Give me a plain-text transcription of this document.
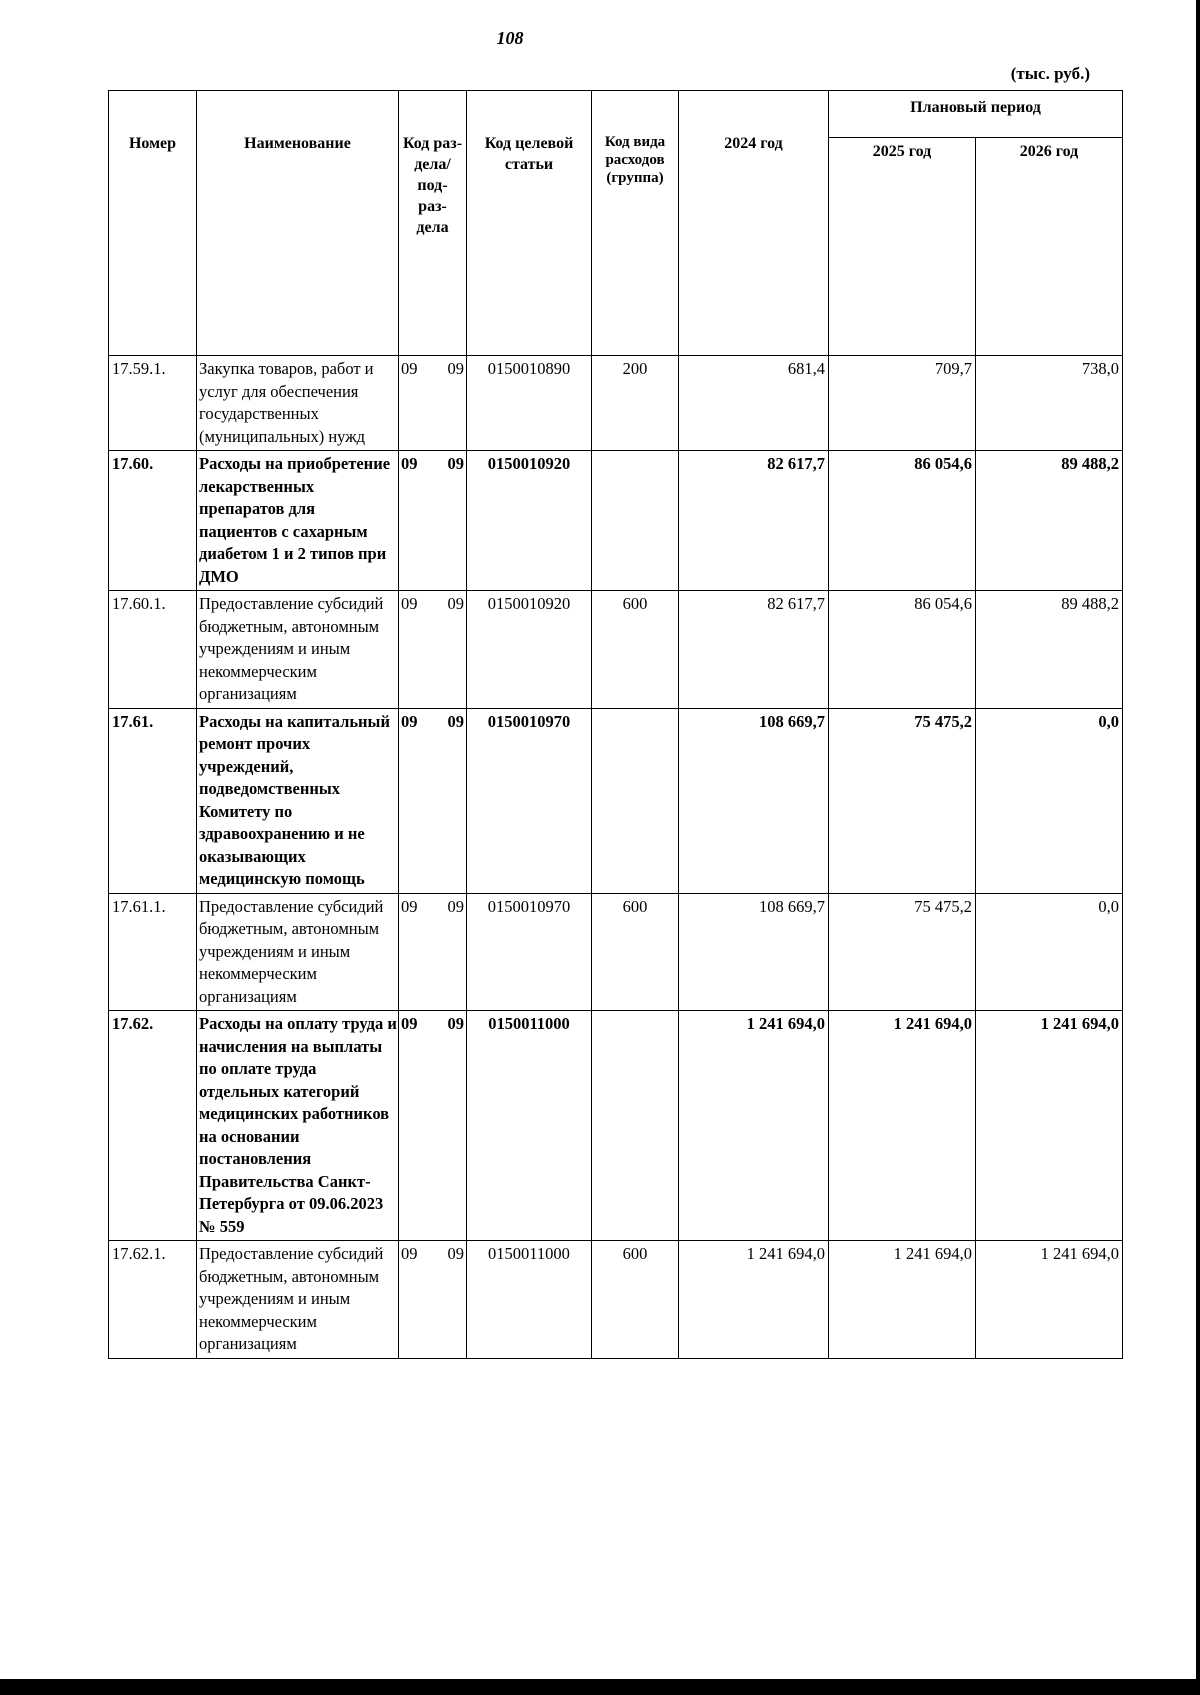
108
(тыс. руб.)
Номер	Наименование	Код раз- дела/ под- раз- дела	Код целевой статьи	Код вида расходов (группа)	2024 год	Плановый период	
						2025 год	2026 год
17.59.1.	Закупка товаров, работ и услуг для обеспечения государственных (муниципальных) нужд	09 09	0150010890	200	681,4	709,7	738,0
17.60.	Расходы на приобретение лекарственных препаратов для пациентов с сахарным диабетом 1 и 2 типов при ДМО	09 09	0150010920		82 617,7	86 054,6	89 488,2
17.60.1.	Предоставление субсидий бюджетным, автономным учреждениям и иным некоммерческим организациям	09 09	0150010920	600	82 617,7	86 054,6	89 488,2
17.61.	Расходы на капитальный ремонт прочих учреждений, подведомственных Комитету по здравоохранению и не оказывающих медицинскую помощь	09 09	0150010970		108 669,7	75 475,2	0,0
17.61.1.	Предоставление субсидий бюджетным, автономным учреждениям и иным некоммерческим организациям	09 09	0150010970	600	108 669,7	75 475,2	0,0
17.62.	Расходы на оплату труда и начисления на выплаты по оплате труда отдельных категорий медицинских работников на основании постановления Правительства Санкт-Петербурга от 09.06.2023 № 559	09 09	0150011000		1 241 694,0	1 241 694,0	1 241 694,0
17.62.1.	Предоставление субсидий бюджетным, автономным учреждениям и иным некоммерческим организациям	09 09	0150011000	600	1 241 694,0	1 241 694,0	1 241 694,0
